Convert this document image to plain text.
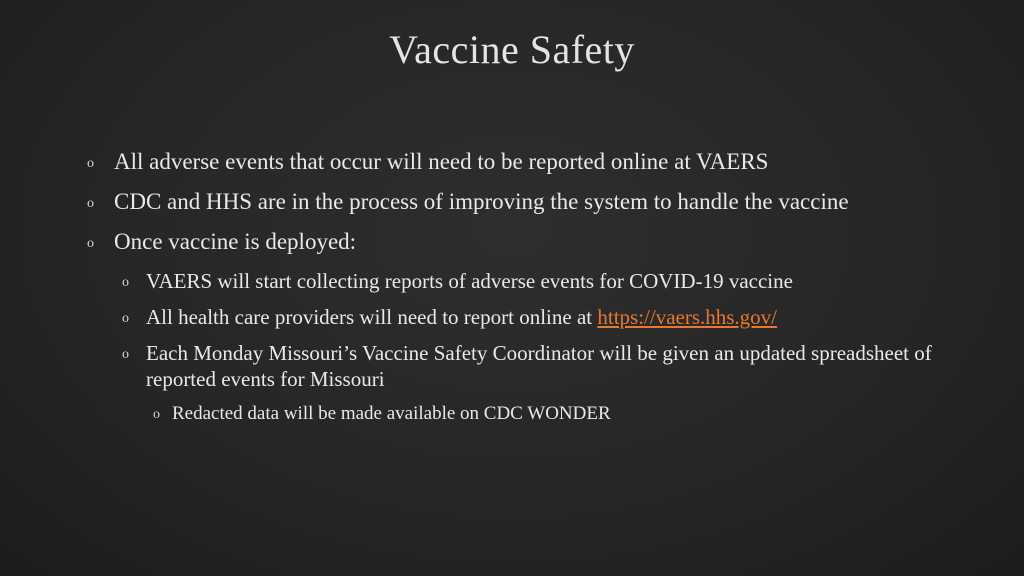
Vaccine Safety
o All adverse events that occur will need to be reported online at VAERS
o CDC and HHS are in the process of improving the system to handle the vaccine
o Once vaccine is deployed:
o VAERS will start collecting reports of adverse events for COVID-19 vaccine
o All health care providers will need to report online at https://vaers.hhs.gov/
o Each Monday Missouri’s Vaccine Safety Coordinator will be given an updated spreadsheet of reported events for Missouri
o Redacted data will be made available on CDC WONDER
